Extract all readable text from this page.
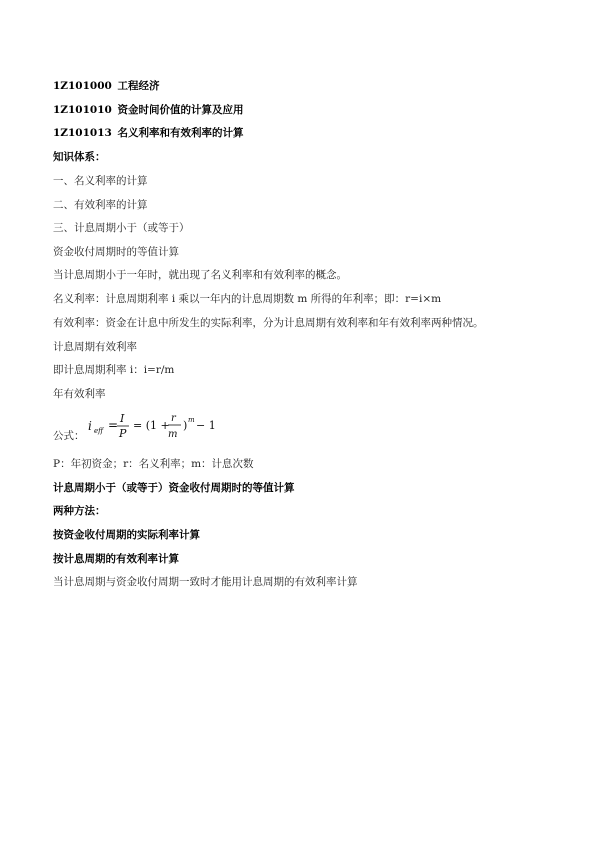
1Z101000 工程经济
1Z101010 资金时间价值的计算及应用
1Z101013 名义利率和有效利率的计算
知识体系：
一、名义利率的计算
二、有效利率的计算
三、计息周期小于（或等于）
资金收付周期时的等值计算
当计息周期小于一年时，就出现了名义利率和有效利率的概念。
名义利率：计息周期利率 i 乘以一年内的计息周期数 m 所得的年利率；即：r=i×m
有效利率：资金在计息中所发生的实际利率，分为计息周期有效利率和年有效利率两种情况。
计息周期有效利率
即计息周期利率 i：i=r/m
年有效利率
公式：
i eff = I
P
= (1 +
r
m
) m − 1
P：年初资金；r：名义利率；m：计息次数
计息周期小于（或等于）资金收付周期时的等值计算
两种方法：
按资金收付周期的实际利率计算
按计息周期的有效利率计算
当计息周期与资金收付周期一致时才能用计息周期的有效利率计算
